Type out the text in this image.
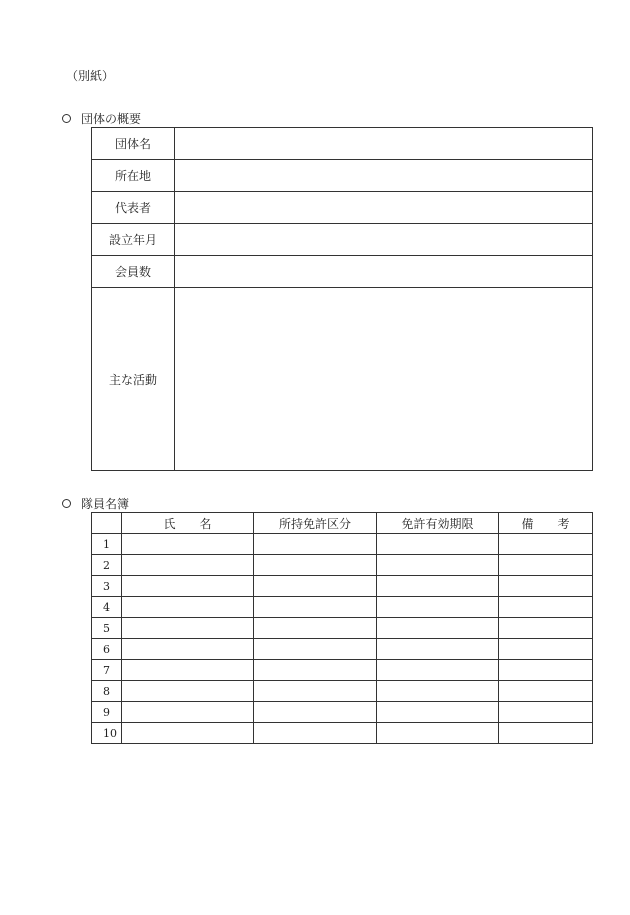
（別紙）
団体の概要
団体名	
所在地	
代表者	
設立年月	
会員数	
主な活動	
隊員名簿
	氏　　名	所持免許区分	免許有効期限	備　　考
1				
2				
3				
4				
5				
6				
7				
8				
9				
10				
